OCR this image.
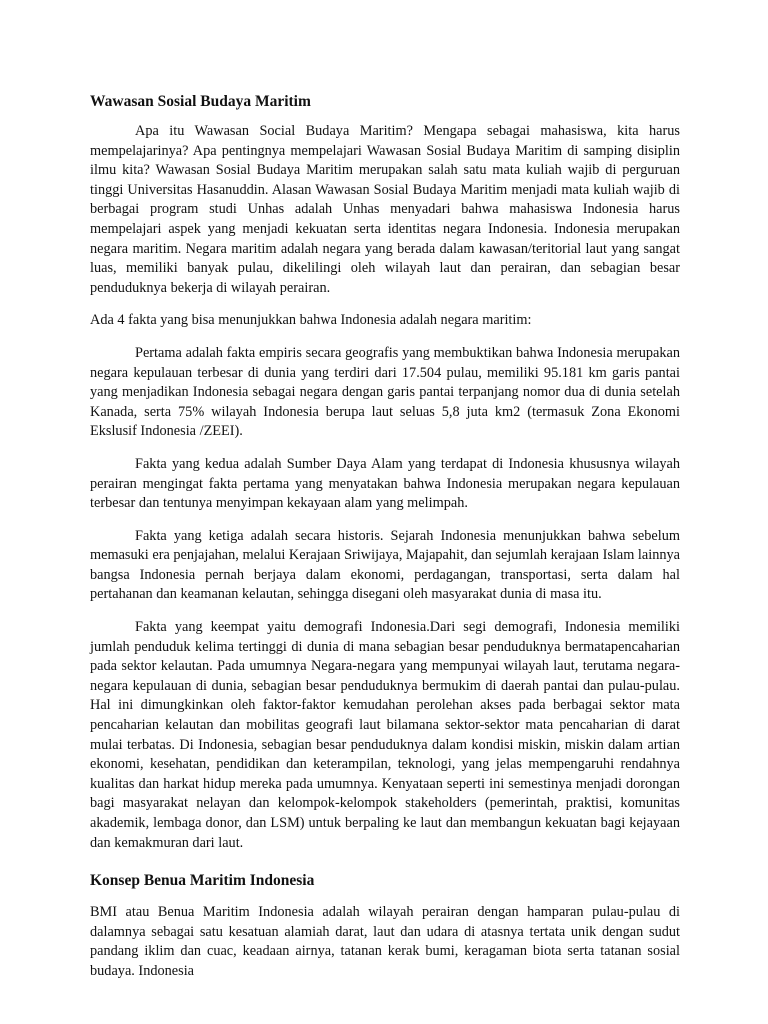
Wawasan Sosial Budaya Maritim

Apa itu Wawasan Social Budaya Maritim? Mengapa sebagai mahasiswa, kita harus mempelajarinya? Apa pentingnya mempelajari Wawasan Sosial Budaya Maritim di samping disiplin ilmu kita? Wawasan Sosial Budaya Maritim merupakan salah satu mata kuliah wajib di perguruan tinggi Universitas Hasanuddin. Alasan Wawasan Sosial Budaya Maritim menjadi mata kuliah wajib di berbagai program studi Unhas adalah Unhas menyadari bahwa mahasiswa Indonesia harus mempelajari aspek yang menjadi kekuatan serta identitas negara Indonesia. Indonesia merupakan negara maritim. Negara maritim adalah negara yang berada dalam kawasan/teritorial laut yang sangat luas, memiliki banyak pulau, dikelilingi oleh wilayah laut dan perairan, dan sebagian besar penduduknya bekerja di wilayah perairan.

Ada 4 fakta yang bisa menunjukkan bahwa Indonesia adalah negara maritim:

Pertama adalah fakta empiris secara geografis yang membuktikan bahwa Indonesia merupakan negara kepulauan terbesar di dunia yang terdiri dari 17.504 pulau, memiliki 95.181 km garis pantai yang menjadikan Indonesia sebagai negara dengan garis pantai terpanjang nomor dua di dunia setelah Kanada, serta 75% wilayah Indonesia berupa laut seluas 5,8 juta km2 (termasuk Zona Ekonomi Ekslusif Indonesia /ZEEI).

Fakta yang kedua adalah Sumber Daya Alam yang terdapat di Indonesia khususnya wilayah perairan mengingat fakta pertama yang menyatakan bahwa Indonesia merupakan negara kepulauan terbesar dan tentunya menyimpan kekayaan alam yang melimpah.

Fakta yang ketiga adalah secara historis. Sejarah Indonesia menunjukkan bahwa sebelum memasuki era penjajahan, melalui Kerajaan Sriwijaya, Majapahit, dan sejumlah kerajaan Islam lainnya bangsa Indonesia pernah berjaya dalam ekonomi, perdagangan, transportasi, serta dalam hal pertahanan dan keamanan kelautan, sehingga disegani oleh masyarakat dunia di masa itu.

Fakta yang keempat yaitu demografi Indonesia.Dari segi demografi, Indonesia memiliki jumlah penduduk kelima tertinggi di dunia di mana sebagian besar penduduknya bermatapencaharian pada sektor kelautan. Pada umumnya Negara-negara yang mempunyai wilayah laut, terutama negara-negara kepulauan di dunia, sebagian besar penduduknya bermukim di daerah pantai dan pulau-pulau. Hal ini dimungkinkan oleh faktor-faktor kemudahan perolehan akses pada berbagai sektor mata pencaharian kelautan dan mobilitas geografi laut bilamana sektor-sektor mata pencaharian di darat mulai terbatas. Di Indonesia, sebagian besar penduduknya dalam kondisi miskin, miskin dalam artian ekonomi, kesehatan, pendidikan dan keterampilan, teknologi, yang jelas mempengaruhi rendahnya kualitas dan harkat hidup mereka pada umumnya. Kenyataan seperti ini semestinya menjadi dorongan bagi masyarakat nelayan dan kelompok-kelompok stakeholders (pemerintah, praktisi, komunitas akademik, lembaga donor, dan LSM) untuk berpaling ke laut dan membangun kekuatan bagi kejayaan dan kemakmuran dari laut.

Konsep Benua Maritim Indonesia

BMI atau Benua Maritim Indonesia adalah wilayah perairan dengan hamparan pulau-pulau di dalamnya sebagai satu kesatuan alamiah darat, laut dan udara di atasnya tertata unik dengan sudut pandang iklim dan cuac, keadaan airnya, tatanan kerak bumi, keragaman biota serta tatanan sosial budaya. Indonesia
